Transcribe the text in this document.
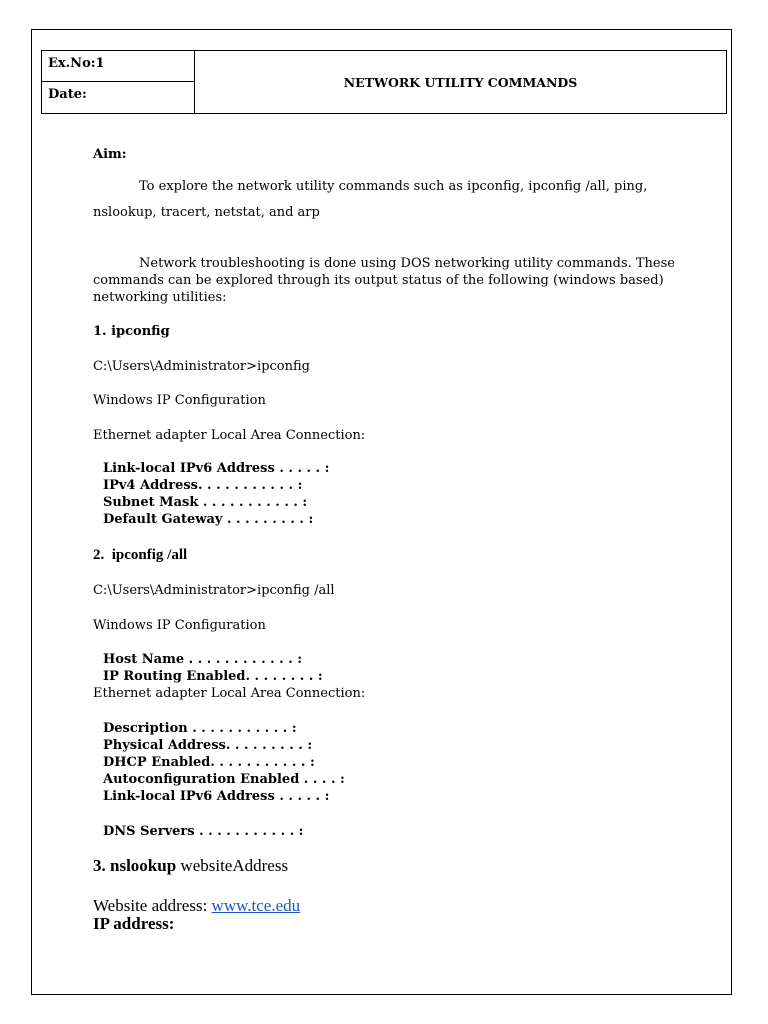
Ex.No:1
Date:
NETWORK UTILITY COMMANDS
Aim:
To explore the network utility commands such as ipconfig, ipconfig /all, ping,
nslookup, tracert, netstat, and arp
Network troubleshooting is done using DOS networking utility commands. These
commands can be explored through its output status of the following (windows based)
networking utilities:
1. ipconfig
C:\Users\Administrator>ipconfig
Windows IP Configuration
Ethernet adapter Local Area Connection:
Link-local IPv6 Address . . . . . :
IPv4 Address. . . . . . . . . . . :
Subnet Mask . . . . . . . . . . . :
Default Gateway . . . . . . . . . :
2. ipconfig /all
C:\Users\Administrator>ipconfig /all
Windows IP Configuration
Host Name . . . . . . . . . . . . :
IP Routing Enabled. . . . . . . . :
Ethernet adapter Local Area Connection:
Description . . . . . . . . . . . :
Physical Address. . . . . . . . . :
DHCP Enabled. . . . . . . . . . . :
Autoconfiguration Enabled . . . . :
Link-local IPv6 Address . . . . . :
DNS Servers . . . . . . . . . . . :
3. nslookup websiteAddress
Website address: www.tce.edu
IP address:
